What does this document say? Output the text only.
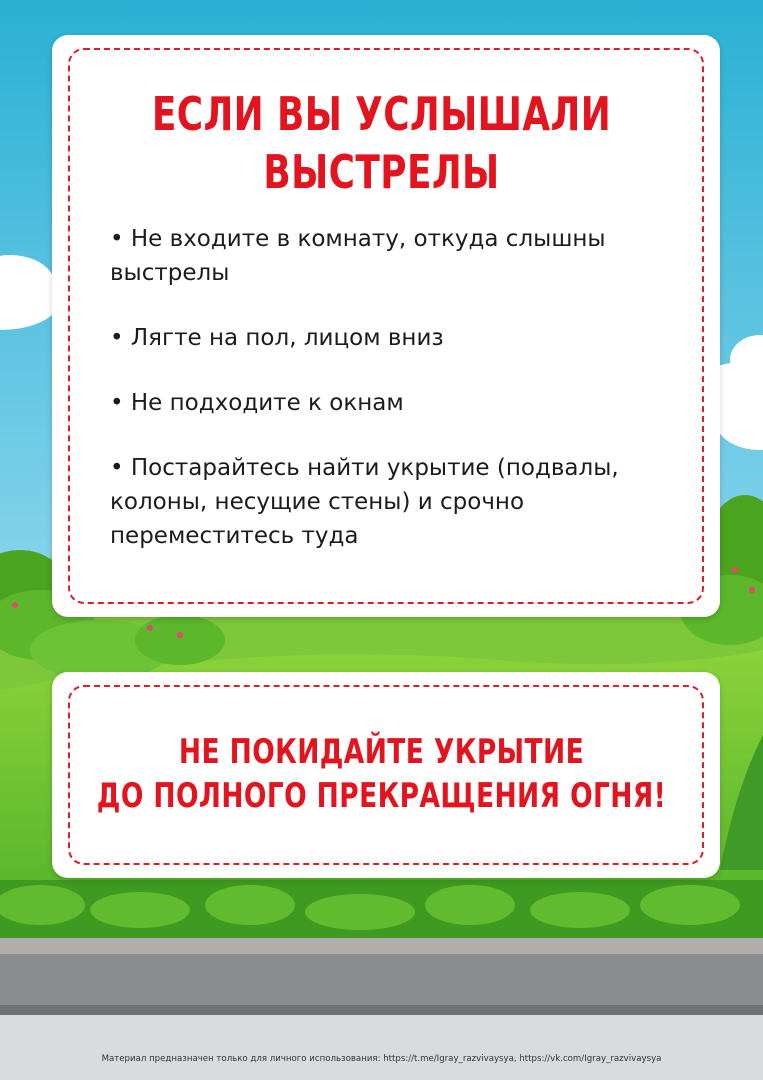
ЕСЛИ ВЫ УСЛЫШАЛИ ВЫСТРЕЛЫ
• Не входите в комнату, откуда слышны выстрелы
• Лягте на пол, лицом вниз
• Не подходите к окнам
• Постарайтесь найти укрытие (подвалы, колоны, несущие стены) и срочно переместитесь туда
НЕ ПОКИДАЙТЕ УКРЫТИЕ
ДО ПОЛНОГО ПРЕКРАЩЕНИЯ ОГНЯ!
Материал предназначен только для личного использования: https://t.me/Igray_razvivaysya, https://vk.com/Igray_razvivaysya
